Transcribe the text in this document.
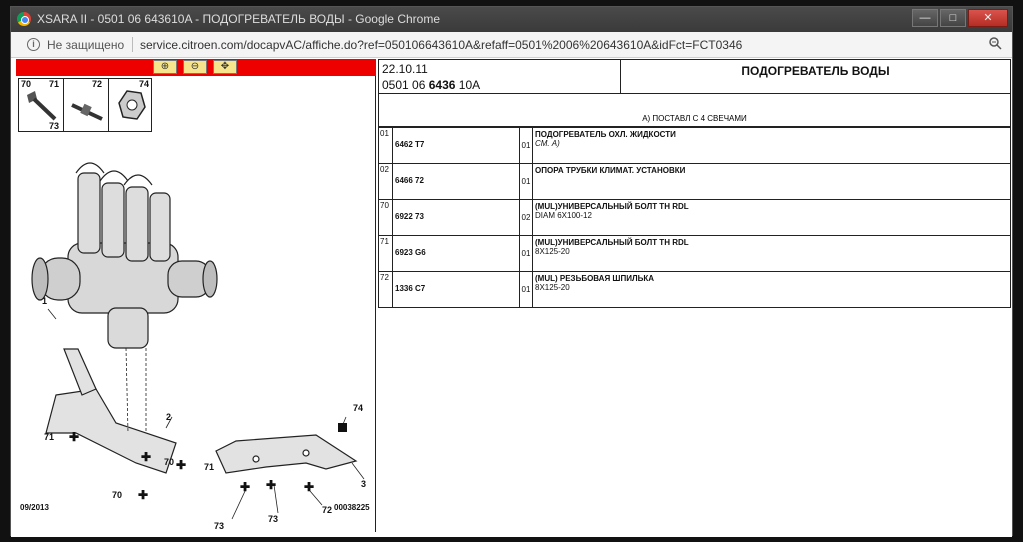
XSARA II - 0501 06 643610A - ПОДОГРЕВАТЕЛЬ ВОДЫ - Google Chrome	—	□	✕
i	Не защищено service.citroen.com/docapvAC/affiche.do?ref=050106643610A&refaff=0501%2006%20643610A&idFct=FCT0346
⊕	⊖	✥
70 71
73
72	74
✚
✚
✚
✚
✚ ✚ ✚
1
2
3
70
70
71
71
72
73
73
74
09/2013	00038225
22.10.11
0501 06 6436 10A
	ПОДОГРЕВАТЕЛЬ ВОДЫ
А) ПОСТАВЛ С 4 СВЕЧАМИ
01	6462 T7	01	ПОДОГРЕВАТЕЛЬ ОХЛ. ЖИДКОСТИ
СМ. А)

02	6466 72	01	ОПОРА ТРУБКИ КЛИМАТ. УСТАНОВКИ

70	6922 73	02	(MUL)УНИВЕРСАЛЬНЫЙ БОЛТ TH RDL
DIAM 6X100-12

71	6923 G6	01	(MUL)УНИВЕРСАЛЬНЫЙ БОЛТ TH RDL
8X125-20

72	1336 C7	01	(MUL) РЕЗЬБОВАЯ ШПИЛЬКА
8X125-20
